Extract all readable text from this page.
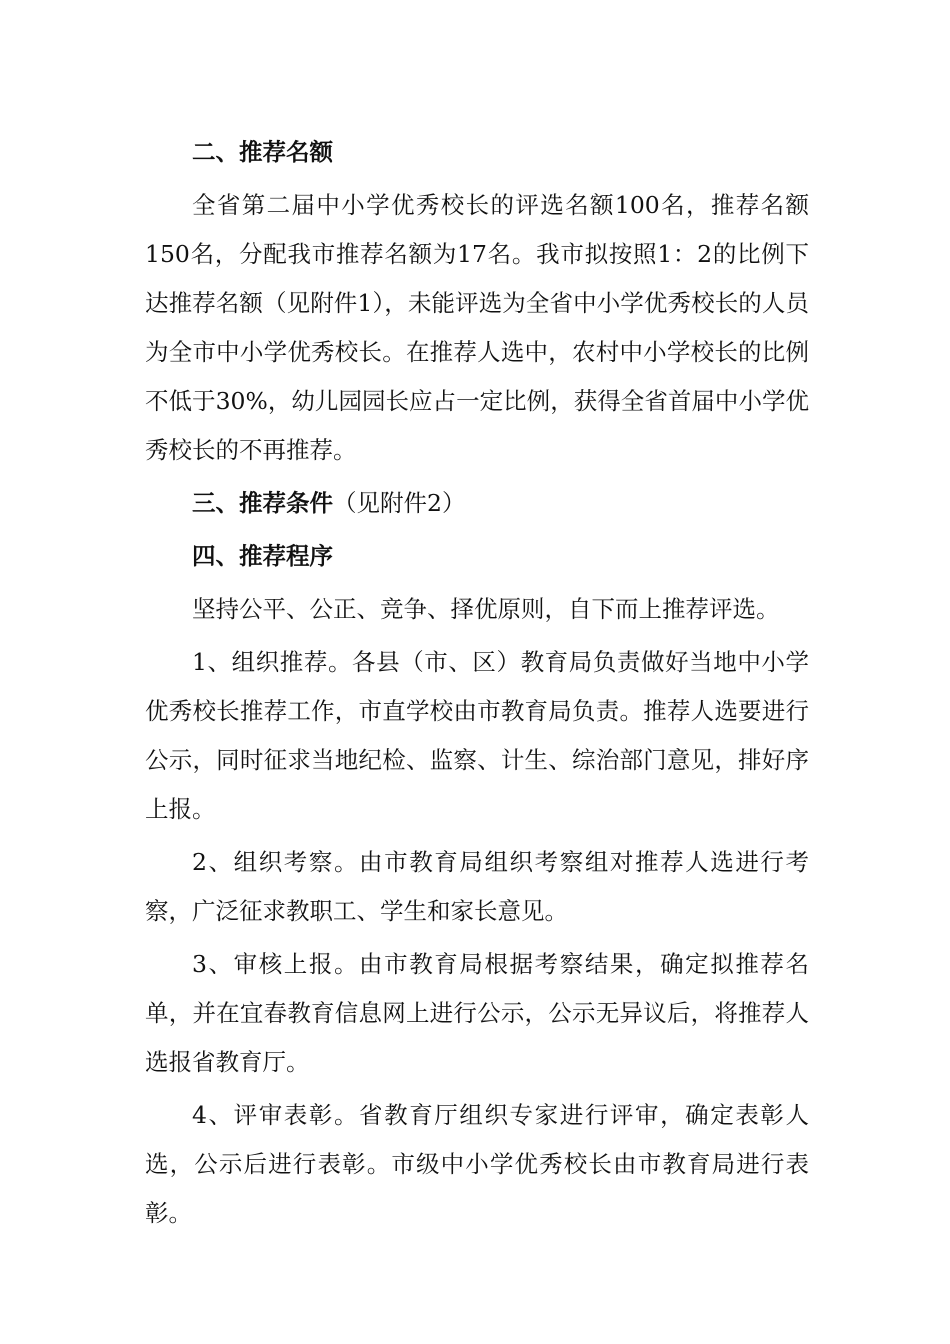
二、推荐名额

全省第二届中小学优秀校长的评选名额100名，推荐名额150名，分配我市推荐名额为17名。我市拟按照1：2的比例下达推荐名额（见附件1），未能评选为全省中小学优秀校长的人员为全市中小学优秀校长。在推荐人选中，农村中小学校长的比例不低于30%，幼儿园园长应占一定比例，获得全省首届中小学优秀校长的不再推荐。

三、推荐条件（见附件2）

四、推荐程序

坚持公平、公正、竞争、择优原则，自下而上推荐评选。

1、组织推荐。各县（市、区）教育局负责做好当地中小学优秀校长推荐工作，市直学校由市教育局负责。推荐人选要进行公示，同时征求当地纪检、监察、计生、综治部门意见，排好序上报。

2、组织考察。由市教育局组织考察组对推荐人选进行考察，广泛征求教职工、学生和家长意见。

3、审核上报。由市教育局根据考察结果，确定拟推荐名单，并在宜春教育信息网上进行公示，公示无异议后，将推荐人选报省教育厅。

4、评审表彰。省教育厅组织专家进行评审，确定表彰人选，公示后进行表彰。市级中小学优秀校长由市教育局进行表彰。
